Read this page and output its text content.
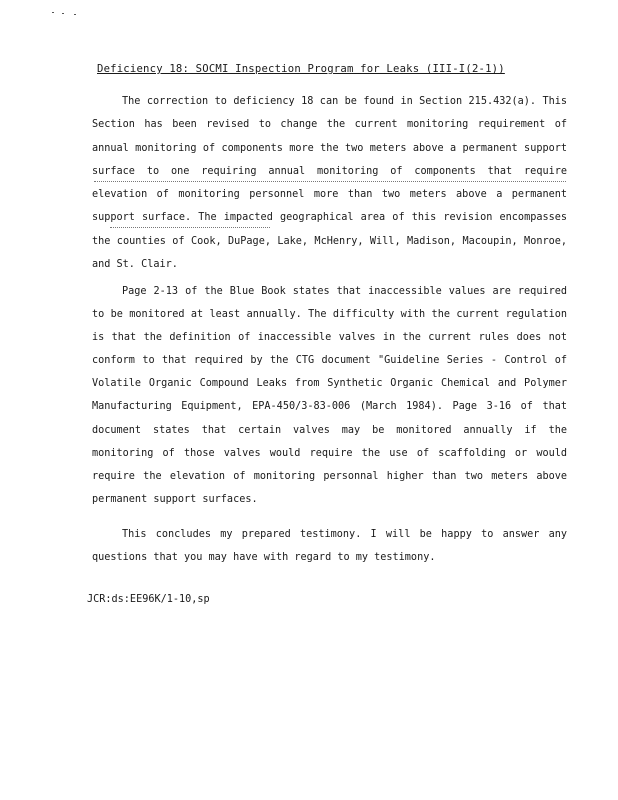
Deficiency 18: SOCMI Inspection Program for Leaks (III-I(2-1))

The correction to deficiency 18 can be found in Section 215.432(a). This Section has been revised to change the current monitoring requirement of annual monitoring of components more the two meters above a permanent support surface to one requiring annual monitoring of components that require elevation of monitoring personnel more than two meters above a permanent support surface. The impacted geographical area of this revision encompasses the counties of Cook, DuPage, Lake, McHenry, Will, Madison, Macoupin, Monroe, and St. Clair.

Page 2-13 of the Blue Book states that inaccessible values are required to be monitored at least annually. The difficulty with the current regulation is that the definition of inaccessible valves in the current rules does not conform to that required by the CTG document "Guideline Series - Control of Volatile Organic Compound Leaks from Synthetic Organic Chemical and Polymer Manufacturing Equipment, EPA-450/3-83-006 (March 1984). Page 3-16 of that document states that certain valves may be monitored annually if the monitoring of those valves would require the use of scaffolding or would require the elevation of monitoring personnal higher than two meters above permanent support surfaces.

This concludes my prepared testimony. I will be happy to answer any questions that you may have with regard to my testimony.

JCR:ds:EE96K/1-10,sp
